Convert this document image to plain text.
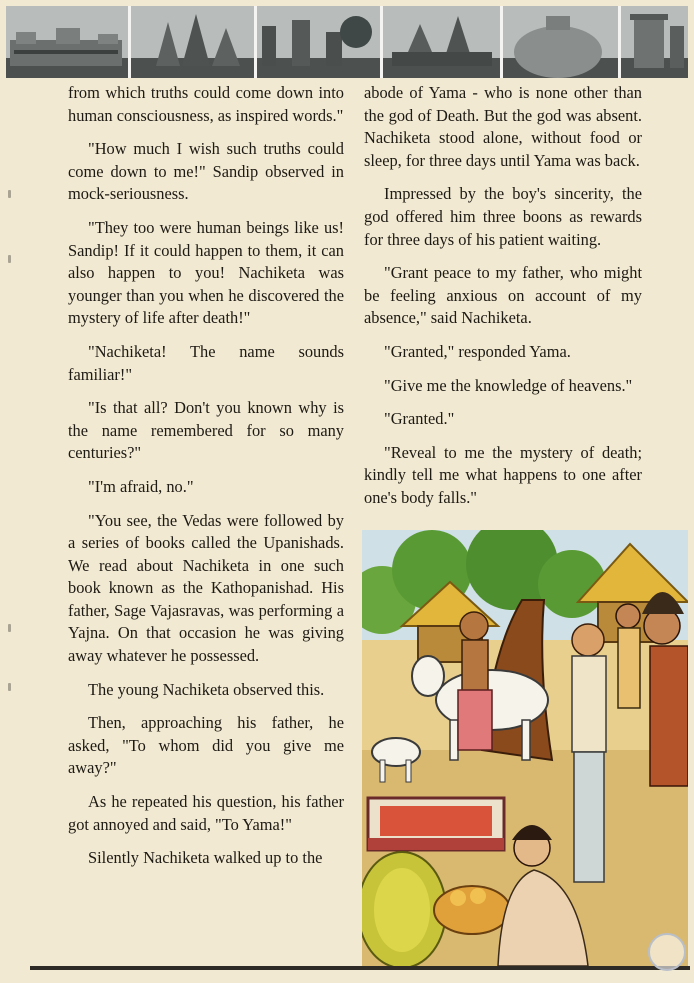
from which truths could come down into human consciousness, as inspired words."

"How much I wish such truths could come down to me!" Sandip observed in mock-seriousness.

"They too were human beings like us! Sandip! If it could happen to them, it can also happen to you! Nachiketa was younger than you when he discovered the mystery of life after death!"

"Nachiketa! The name sounds familiar!"

"Is that all? Don't you known why is the name remembered for so many centuries?"

"I'm afraid, no."

"You see, the Vedas were followed by a series of books called the Upanishads. We read about Nachiketa in one such book known as the Kathopanishad. His father, Sage Vajasravas, was performing a Yajna. On that occasion he was giving away whatever he possessed.

The young Nachiketa observed this.

Then, approaching his father, he asked, "To whom did you give me away?"

As he repeated his question, his father got annoyed and said, "To Yama!"

Silently Nachiketa walked up to the

abode of Yama - who is none other than the god of Death. But the god was absent. Nachiketa stood alone, without food or sleep, for three days until Yama was back.

Impressed by the boy's sincerity, the god offered him three boons as rewards for three days of his patient waiting.

"Grant peace to my father, who might be feeling anxious on account of my absence," said Nachiketa.

"Granted," responded Yama.

"Give me the knowledge of heavens."

"Granted."

"Reveal to me the mystery of death; kindly tell me what happens to one after one's body falls."
